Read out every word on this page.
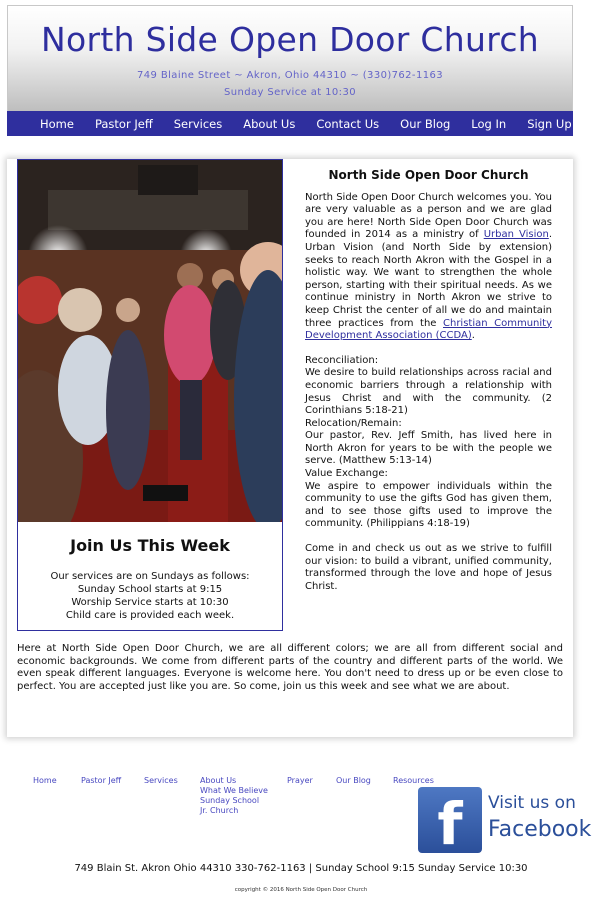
North Side Open Door Church
749 Blaine Street ~ Akron, Ohio 44310 ~ (330)762-1163
Sunday Service at 10:30
Home Pastor Jeff Services About Us Contact Us Our Blog Log In Sign Up
Join Us This Week
Our services are on Sundays as follows:
Sunday School starts at 9:15
Worship Service starts at 10:30
Child care is provided each week.
North Side Open Door Church

North Side Open Door Church welcomes you. You are very valuable as a person and we are glad you are here! North Side Open Door Church was founded in 2014 as a ministry of Urban Vision. Urban Vision (and North Side by extension) seeks to reach North Akron with the Gospel in a holistic way. We want to strengthen the whole person, starting with their spiritual needs. As we continue ministry in North Akron we strive to keep Christ the center of all we do and maintain three practices from the Christian Community Development Association (CCDA).

Reconciliation:

We desire to build relationships across racial and economic barriers through a relationship with Jesus Christ and with the community. (2 Corinthians 5:18-21)

Relocation/Remain:

Our pastor, Rev. Jeff Smith, has lived here in North Akron for years to be with the people we serve. (Matthew 5:13-14)

Value Exchange:

We aspire to empower individuals within the community to use the gifts God has given them, and to see those gifts used to improve the community. (Philippians 4:18-19)

Come in and check us out as we strive to fulfill our vision: to build a vibrant, unified community, transformed through the love and hope of Jesus Christ.

Here at North Side Open Door Church, we are all different colors; we are all from different social and economic backgrounds. We come from different parts of the country and different parts of the world. We even speak different languages. Everyone is welcome here. You don't need to dress up or be even close to perfect. You are accepted just like you are. So come, join us this week and see what we are about.

Home	Pastor Jeff	Services	About Us
What We Believe
Sunday School
Jr. Church
Prayer	Our Blog	Resources
f	Visit us on
Facebook
749 Blain St. Akron Ohio 44310 330-762-1163 | Sunday School 9:15 Sunday Service 10:30
copyright © 2016 North Side Open Door Church
